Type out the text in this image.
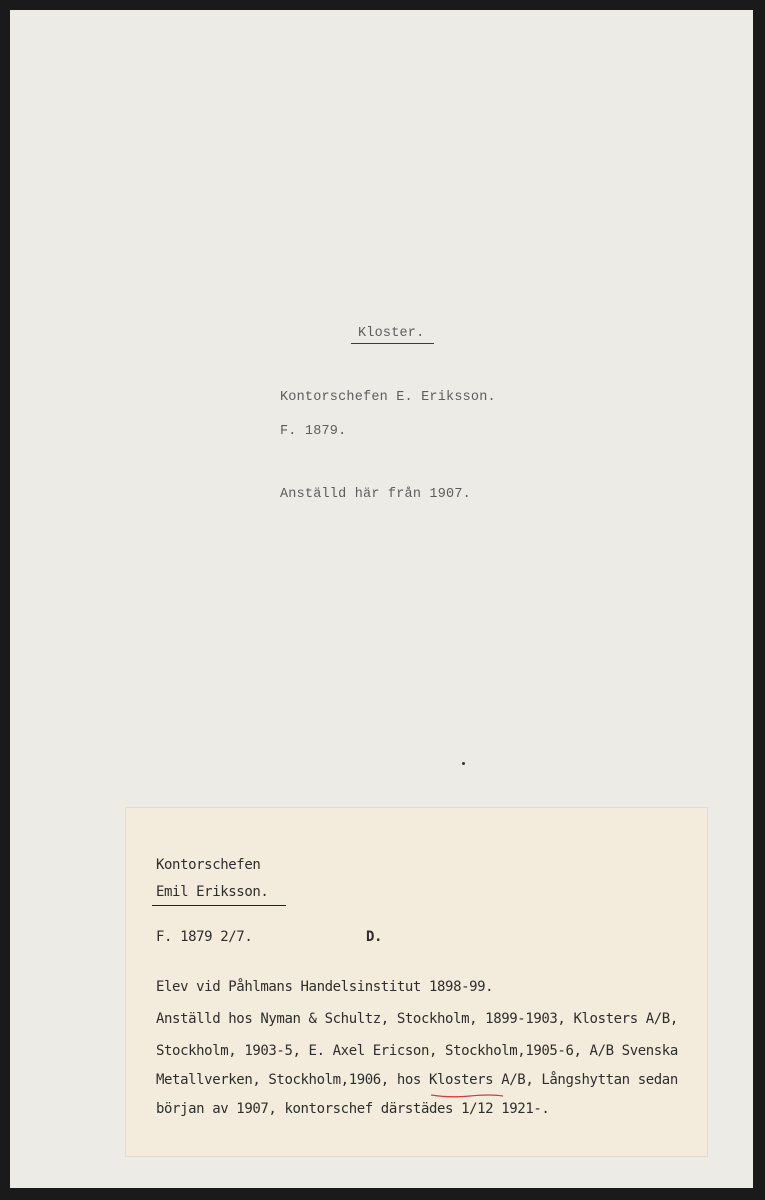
Kloster.
Kontorschefen E. Eriksson.
F. 1879.
Anställd här från 1907.
Kontorschefen
Emil Eriksson.
F. 1879 2/7.	D.
Elev vid Påhlmans Handelsinstitut 1898-99.
Anställd hos Nyman & Schultz, Stockholm, 1899-1903, Klosters A/B,
Stockholm, 1903-5, E. Axel Ericson, Stockholm,1905-6, A/B Svenska
Metallverken, Stockholm,1906, hos Klosters A/B, Långshyttan sedan
början av 1907, kontorschef därstädes 1/12 1921-.
